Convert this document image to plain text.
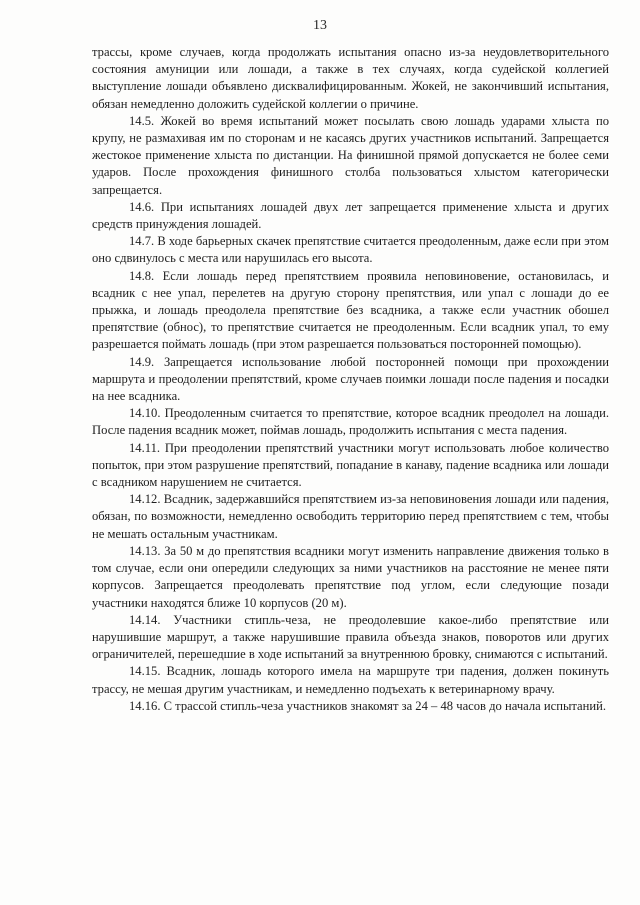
13

трассы, кроме случаев, когда продолжать испытания опасно из-за неудовлетворительного состояния амуниции или лошади, а также в тех случаях, когда судейской коллегией выступление лошади объявлено дисквалифицированным. Жокей, не закончивший испытания, обязан немедленно доложить судейской коллегии о причине.

14.5. Жокей во время испытаний может посылать свою лошадь ударами хлыста по крупу, не размахивая им по сторонам и не касаясь других участников испытаний. Запрещается жестокое применение хлыста по дистанции. На финишной прямой допускается не более семи ударов. После прохождения финишного столба пользоваться хлыстом категорически запрещается.

14.6. При испытаниях лошадей двух лет запрещается применение хлыста и других средств принуждения лошадей.

14.7. В ходе барьерных скачек препятствие считается преодоленным, даже если при этом оно сдвинулось с места или нарушилась его высота.

14.8. Если лошадь перед препятствием проявила неповиновение, остановилась, и всадник с нее упал, перелетев на другую сторону препятствия, или упал с лошади до ее прыжка, и лошадь преодолела препятствие без всадника, а также если участник обошел препятствие (обнос), то препятствие считается не преодоленным. Если всадник упал, то ему разрешается поймать лошадь (при этом разрешается пользоваться посторонней помощью).

14.9. Запрещается использование любой посторонней помощи при прохождении маршрута и преодолении препятствий, кроме случаев поимки лошади после падения и посадки на нее всадника.

14.10. Преодоленным считается то препятствие, которое всадник преодолел на лошади. После падения всадник может, поймав лошадь, продолжить испытания с места падения.

14.11. При преодолении препятствий участники могут использовать любое количество попыток, при этом разрушение препятствий, попадание в канаву, падение всадника или лошади с всадником нарушением не считается.

14.12. Всадник, задержавшийся препятствием из-за неповиновения лошади или падения, обязан, по возможности, немедленно освободить территорию перед препятствием с тем, чтобы не мешать остальным участникам.

14.13. За 50 м до препятствия всадники могут изменить направление движения только в том случае, если они опередили следующих за ними участников на расстояние не менее пяти корпусов. Запрещается преодолевать препятствие под углом, если следующие позади участники находятся ближе 10 корпусов (20 м).

14.14. Участники стипль-чеза, не преодолевшие какое-либо препятствие или нарушившие маршрут, а также нарушившие правила объезда знаков, поворотов или других ограничителей, перешедшие в ходе испытаний за внутреннюю бровку, снимаются с испытаний.

14.15. Всадник, лошадь которого имела на маршруте три падения, должен покинуть трассу, не мешая другим участникам, и немедленно подъехать к ветеринарному врачу.

14.16. С трассой стипль-чеза участников знакомят за 24 – 48 часов до начала испытаний.
